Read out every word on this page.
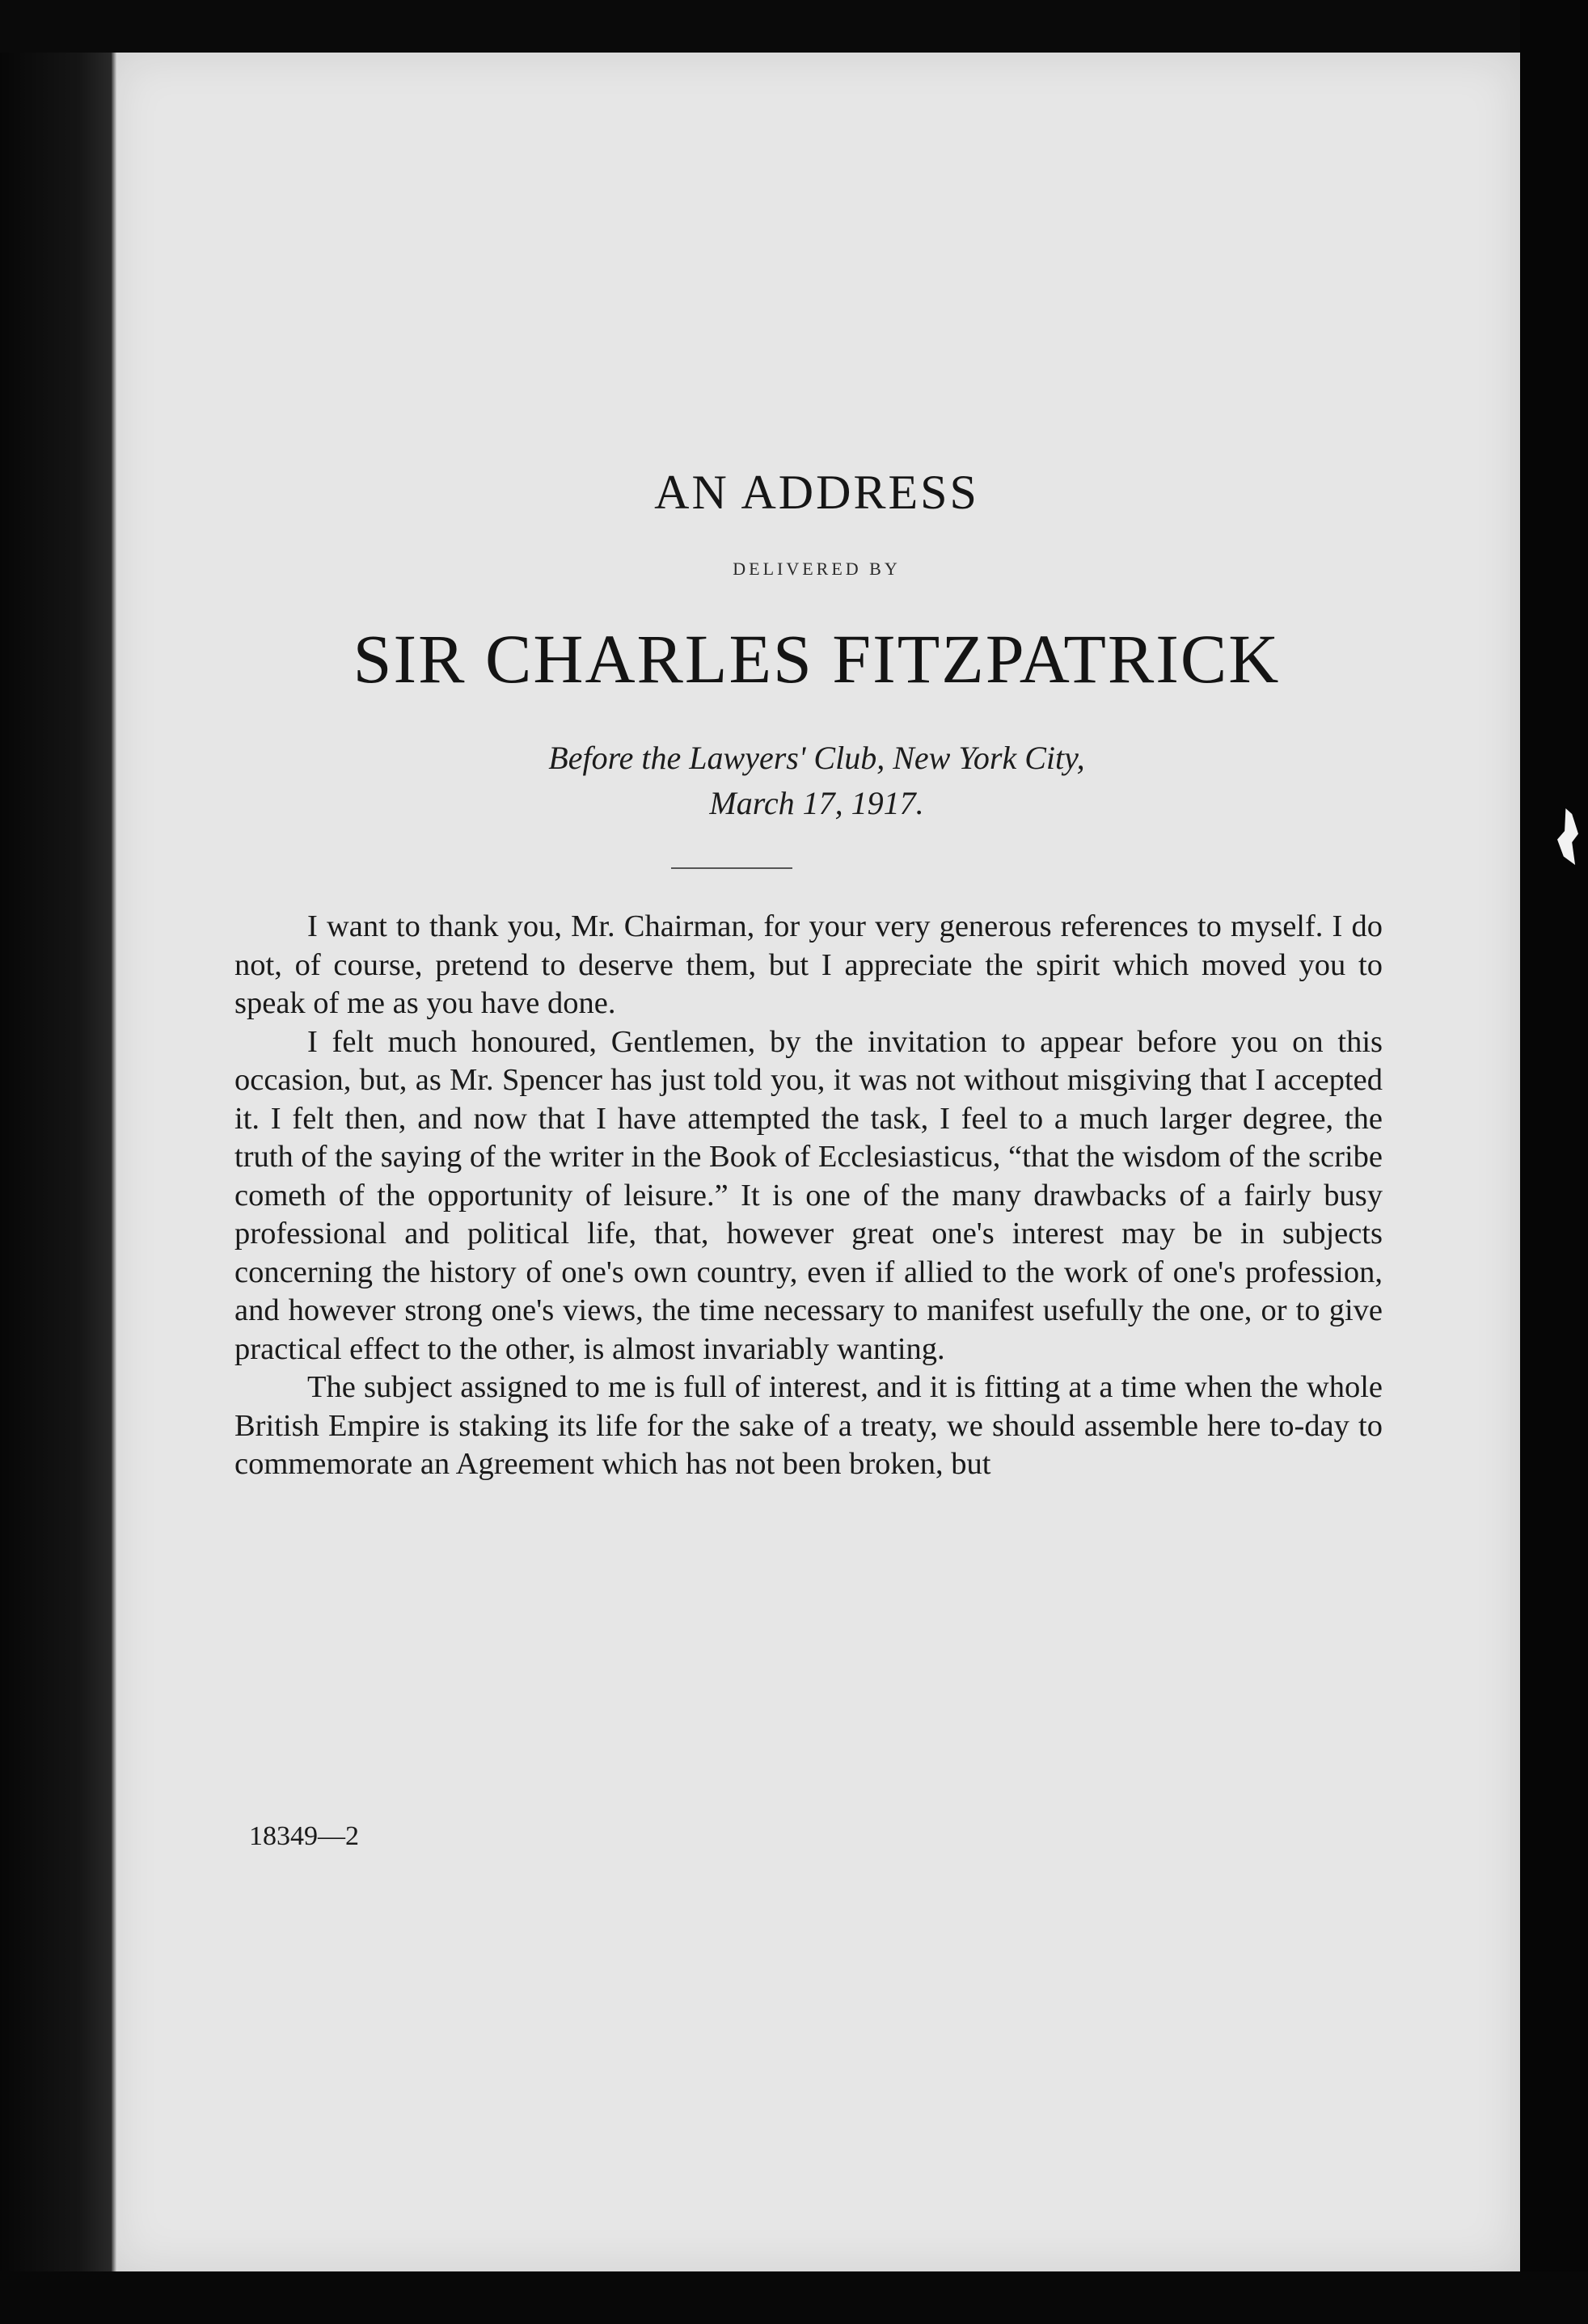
AN ADDRESS
DELIVERED BY
SIR CHARLES FITZPATRICK
Before the Lawyers' Club, New York City,
March 17, 1917.

I want to thank you, Mr. Chairman, for your very generous references to myself. I do not, of course, pretend to deserve them, but I appreciate the spirit which moved you to speak of me as you have done.

I felt much honoured, Gentlemen, by the invitation to appear before you on this occasion, but, as Mr. Spencer has just told you, it was not without misgiving that I accepted it. I felt then, and now that I have attempted the task, I feel to a much larger degree, the truth of the saying of the writer in the Book of Ecclesiasticus, “that the wisdom of the scribe cometh of the opportunity of leisure.” It is one of the many drawbacks of a fairly busy professional and political life, that, however great one's interest may be in subjects concerning the history of one's own country, even if allied to the work of one's profession, and however strong one's views, the time necessary to manifest usefully the one, or to give practical effect to the other, is almost invariably wanting.

The subject assigned to me is full of interest, and it is fitting at a time when the whole British Empire is staking its life for the sake of a treaty, we should assemble here to-day to commemorate an Agreement which has not been broken, but

18349—2
